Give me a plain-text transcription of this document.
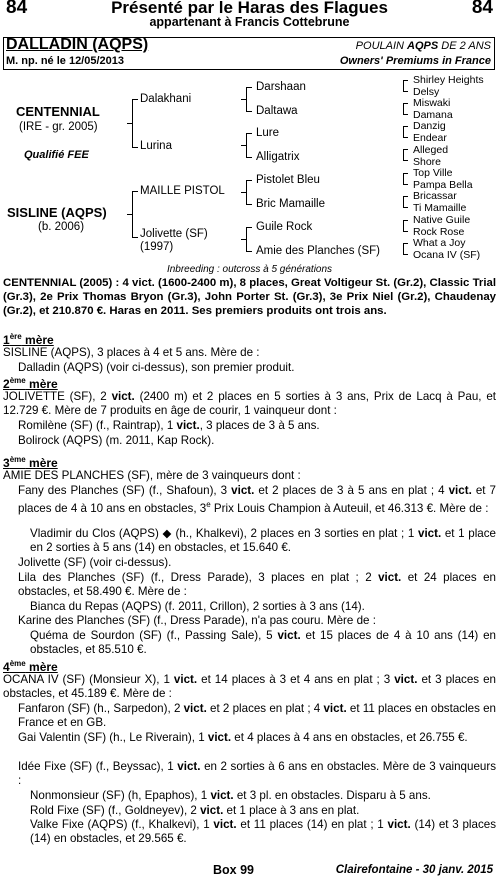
84	84
Présenté par le Haras des Flagues
appartenant à Francis Cottebrune
DALLADIN (AQPS)	POULAIN AQPS DE 2 ANS
M. np. né le 12/05/2013	Owners' Premiums in France
CENTENNIAL
(IRE - gr. 2005)
Qualifié FEE
SISLINE (AQPS)
(b. 2006)
Dalakhani
Lurina
MAILLE PISTOL
Jolivette (SF)
(1997)
Darshaan
Daltawa
Lure
Alligatrix
Pistolet Bleu
Bric Mamaille
Guile Rock
Amie des Planches (SF)
Shirley Heights
Delsy
Miswaki
Damana
Danzig
Endear
Alleged
Shore
Top Ville
Pampa Bella
Bricassar
Ti Mamaille
Native Guile
Rock Rose
What a Joy
Ocana IV (SF)
Inbreeding : outcross à 5 générations
CENTENNIAL (2005) : 4 vict. (1600-2400 m), 8 places, Great Voltigeur St. (Gr.2), Classic Trial (Gr.3), 2e Prix Thomas Bryon (Gr.3), John Porter St. (Gr.3), 3e Prix Niel (Gr.2), Chaudenay (Gr.2), et 210.870 €. Haras en 2011. Ses premiers produits ont trois ans.
1ère mère
SISLINE (AQPS), 3 places à 4 et 5 ans. Mère de :
Dalladin (AQPS) (voir ci-dessus), son premier produit.
2ème mère
JOLIVETTE (SF), 2 vict. (2400 m) et 2 places en 5 sorties à 3 ans, Prix de Lacq à Pau, et 12.729 €. Mère de 7 produits en âge de courir, 1 vainqueur dont :
Romilène (SF) (f., Raintrap), 1 vict., 3 places de 3 à 5 ans.
Bolirock (AQPS) (m. 2011, Kap Rock).
3ème mère
AMIE DES PLANCHES (SF), mère de 3 vainqueurs dont :
Fany des Planches (SF) (f., Shafoun), 3 vict. et 2 places de 3 à 5 ans en plat ; 4 vict. et 7 places de 4 à 10 ans en obstacles, 3e Prix Louis Champion à Auteuil, et 46.313 €. Mère de :
Vladimir du Clos (AQPS) ◆ (h., Khalkevi), 2 places en 3 sorties en plat ; 1 vict. et 1 place en 2 sorties à 5 ans (14) en obstacles, et 15.640 €.
Jolivette (SF) (voir ci-dessus).
Lila des Planches (SF) (f., Dress Parade), 3 places en plat ; 2 vict. et 24 places en obstacles, et 58.490 €. Mère de :
Bianca du Repas (AQPS) (f. 2011, Crillon), 2 sorties à 3 ans (14).
Karine des Planches (SF) (f., Dress Parade), n'a pas couru. Mère de :
Quéma de Sourdon (SF) (f., Passing Sale), 5 vict. et 15 places de 4 à 10 ans (14) en obstacles, et 85.510 €.
4ème mère
OCANA IV (SF) (Monsieur X), 1 vict. et 14 places à 3 et 4 ans en plat ; 3 vict. et 3 places en obstacles, et 45.189 €. Mère de :
Fanfaron (SF) (h., Sarpedon), 2 vict. et 2 places en plat ; 4 vict. et 11 places en obstacles en France et en GB.
Gai Valentin (SF) (h., Le Riverain), 1 vict. et 4 places à 4 ans en obstacles, et 26.755 €.
Idée Fixe (SF) (f., Beyssac), 1 vict. en 2 sorties à 6 ans en obstacles. Mère de 3 vainqueurs :
Nonmonsieur (SF) (h, Epaphos), 1 vict. et 3 pl. en obstacles. Disparu à 5 ans.
Rold Fixe (SF) (f., Goldneyev), 2 vict. et 1 place à 3 ans en plat.
Valke Fixe (AQPS) (f., Khalkevi), 1 vict. et 11 places (14) en plat ; 1 vict. (14) et 3 places (14) en obstacles, et 29.565 €.
Box 99	Clairefontaine - 30 janv. 2015
